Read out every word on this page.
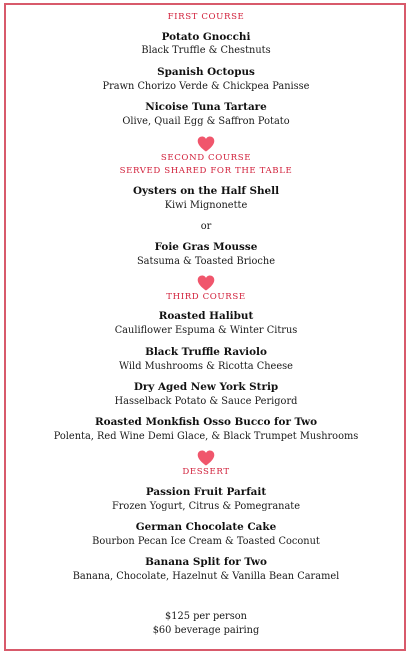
FIRST COURSE
Potato Gnocchi
Black Truffle & Chestnuts
Spanish Octopus
Prawn Chorizo Verde & Chickpea Panisse
Nicoise Tuna Tartare
Olive, Quail Egg & Saffron Potato
SECOND COURSE
SERVED SHARED FOR THE TABLE
Oysters on the Half Shell
Kiwi Mignonette
or
Foie Gras Mousse
Satsuma & Toasted Brioche
THIRD COURSE
Roasted Halibut
Cauliflower Espuma & Winter Citrus
Black Truffle Raviolo
Wild Mushrooms & Ricotta Cheese
Dry Aged New York Strip
Hasselback Potato & Sauce Perigord
Roasted Monkfish Osso Bucco for Two
Polenta, Red Wine Demi Glace, & Black Trumpet Mushrooms
DESSERT
Passion Fruit Parfait
Frozen Yogurt, Citrus & Pomegranate
German Chocolate Cake
Bourbon Pecan Ice Cream & Toasted Coconut
Banana Split for Two
Banana, Chocolate, Hazelnut & Vanilla Bean Caramel
$125 per person
$60 beverage pairing
